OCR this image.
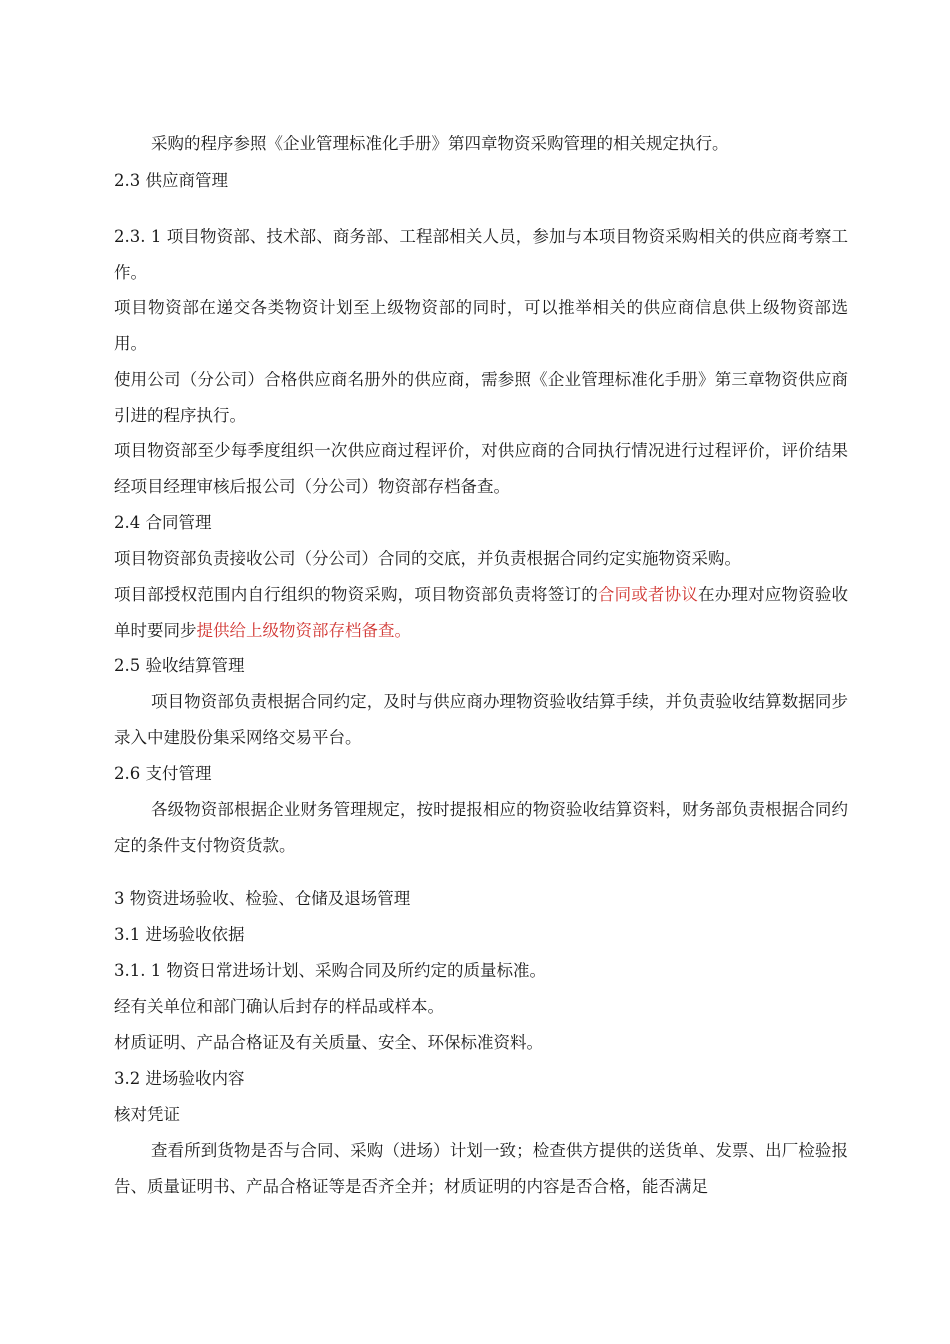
采购的程序参照《企业管理标准化手册》第四章物资采购管理的相关规定执行。

2.3 供应商管理

2.3. 1 项目物资部、技术部、商务部、工程部相关人员，参加与本项目物资采购相关的供应商考察工作。

项目物资部在递交各类物资计划至上级物资部的同时，可以推举相关的供应商信息供上级物资部选用。

使用公司（分公司）合格供应商名册外的供应商，需参照《企业管理标准化手册》第三章物资供应商引进的程序执行。

项目物资部至少每季度组织一次供应商过程评价，对供应商的合同执行情况进行过程评价，评价结果经项目经理审核后报公司（分公司）物资部存档备查。

2.4 合同管理

项目物资部负责接收公司（分公司）合同的交底，并负责根据合同约定实施物资采购。

项目部授权范围内自行组织的物资采购，项目物资部负责将签订的合同或者协议在办理对应物资验收单时要同步提供给上级物资部存档备查。

2.5 验收结算管理

项目物资部负责根据合同约定，及时与供应商办理物资验收结算手续，并负责验收结算数据同步录入中建股份集采网络交易平台。

2.6 支付管理

各级物资部根据企业财务管理规定，按时提报相应的物资验收结算资料，财务部负责根据合同约定的条件支付物资货款。

3 物资进场验收、检验、仓储及退场管理

3.1 进场验收依据

3.1. 1 物资日常进场计划、采购合同及所约定的质量标准。

经有关单位和部门确认后封存的样品或样本。

材质证明、产品合格证及有关质量、安全、环保标准资料。

3.2 进场验收内容

核对凭证

查看所到货物是否与合同、采购（进场）计划一致；检查供方提供的送货单、发票、出厂检验报告、质量证明书、产品合格证等是否齐全并；材质证明的内容是否合格，能否满足
